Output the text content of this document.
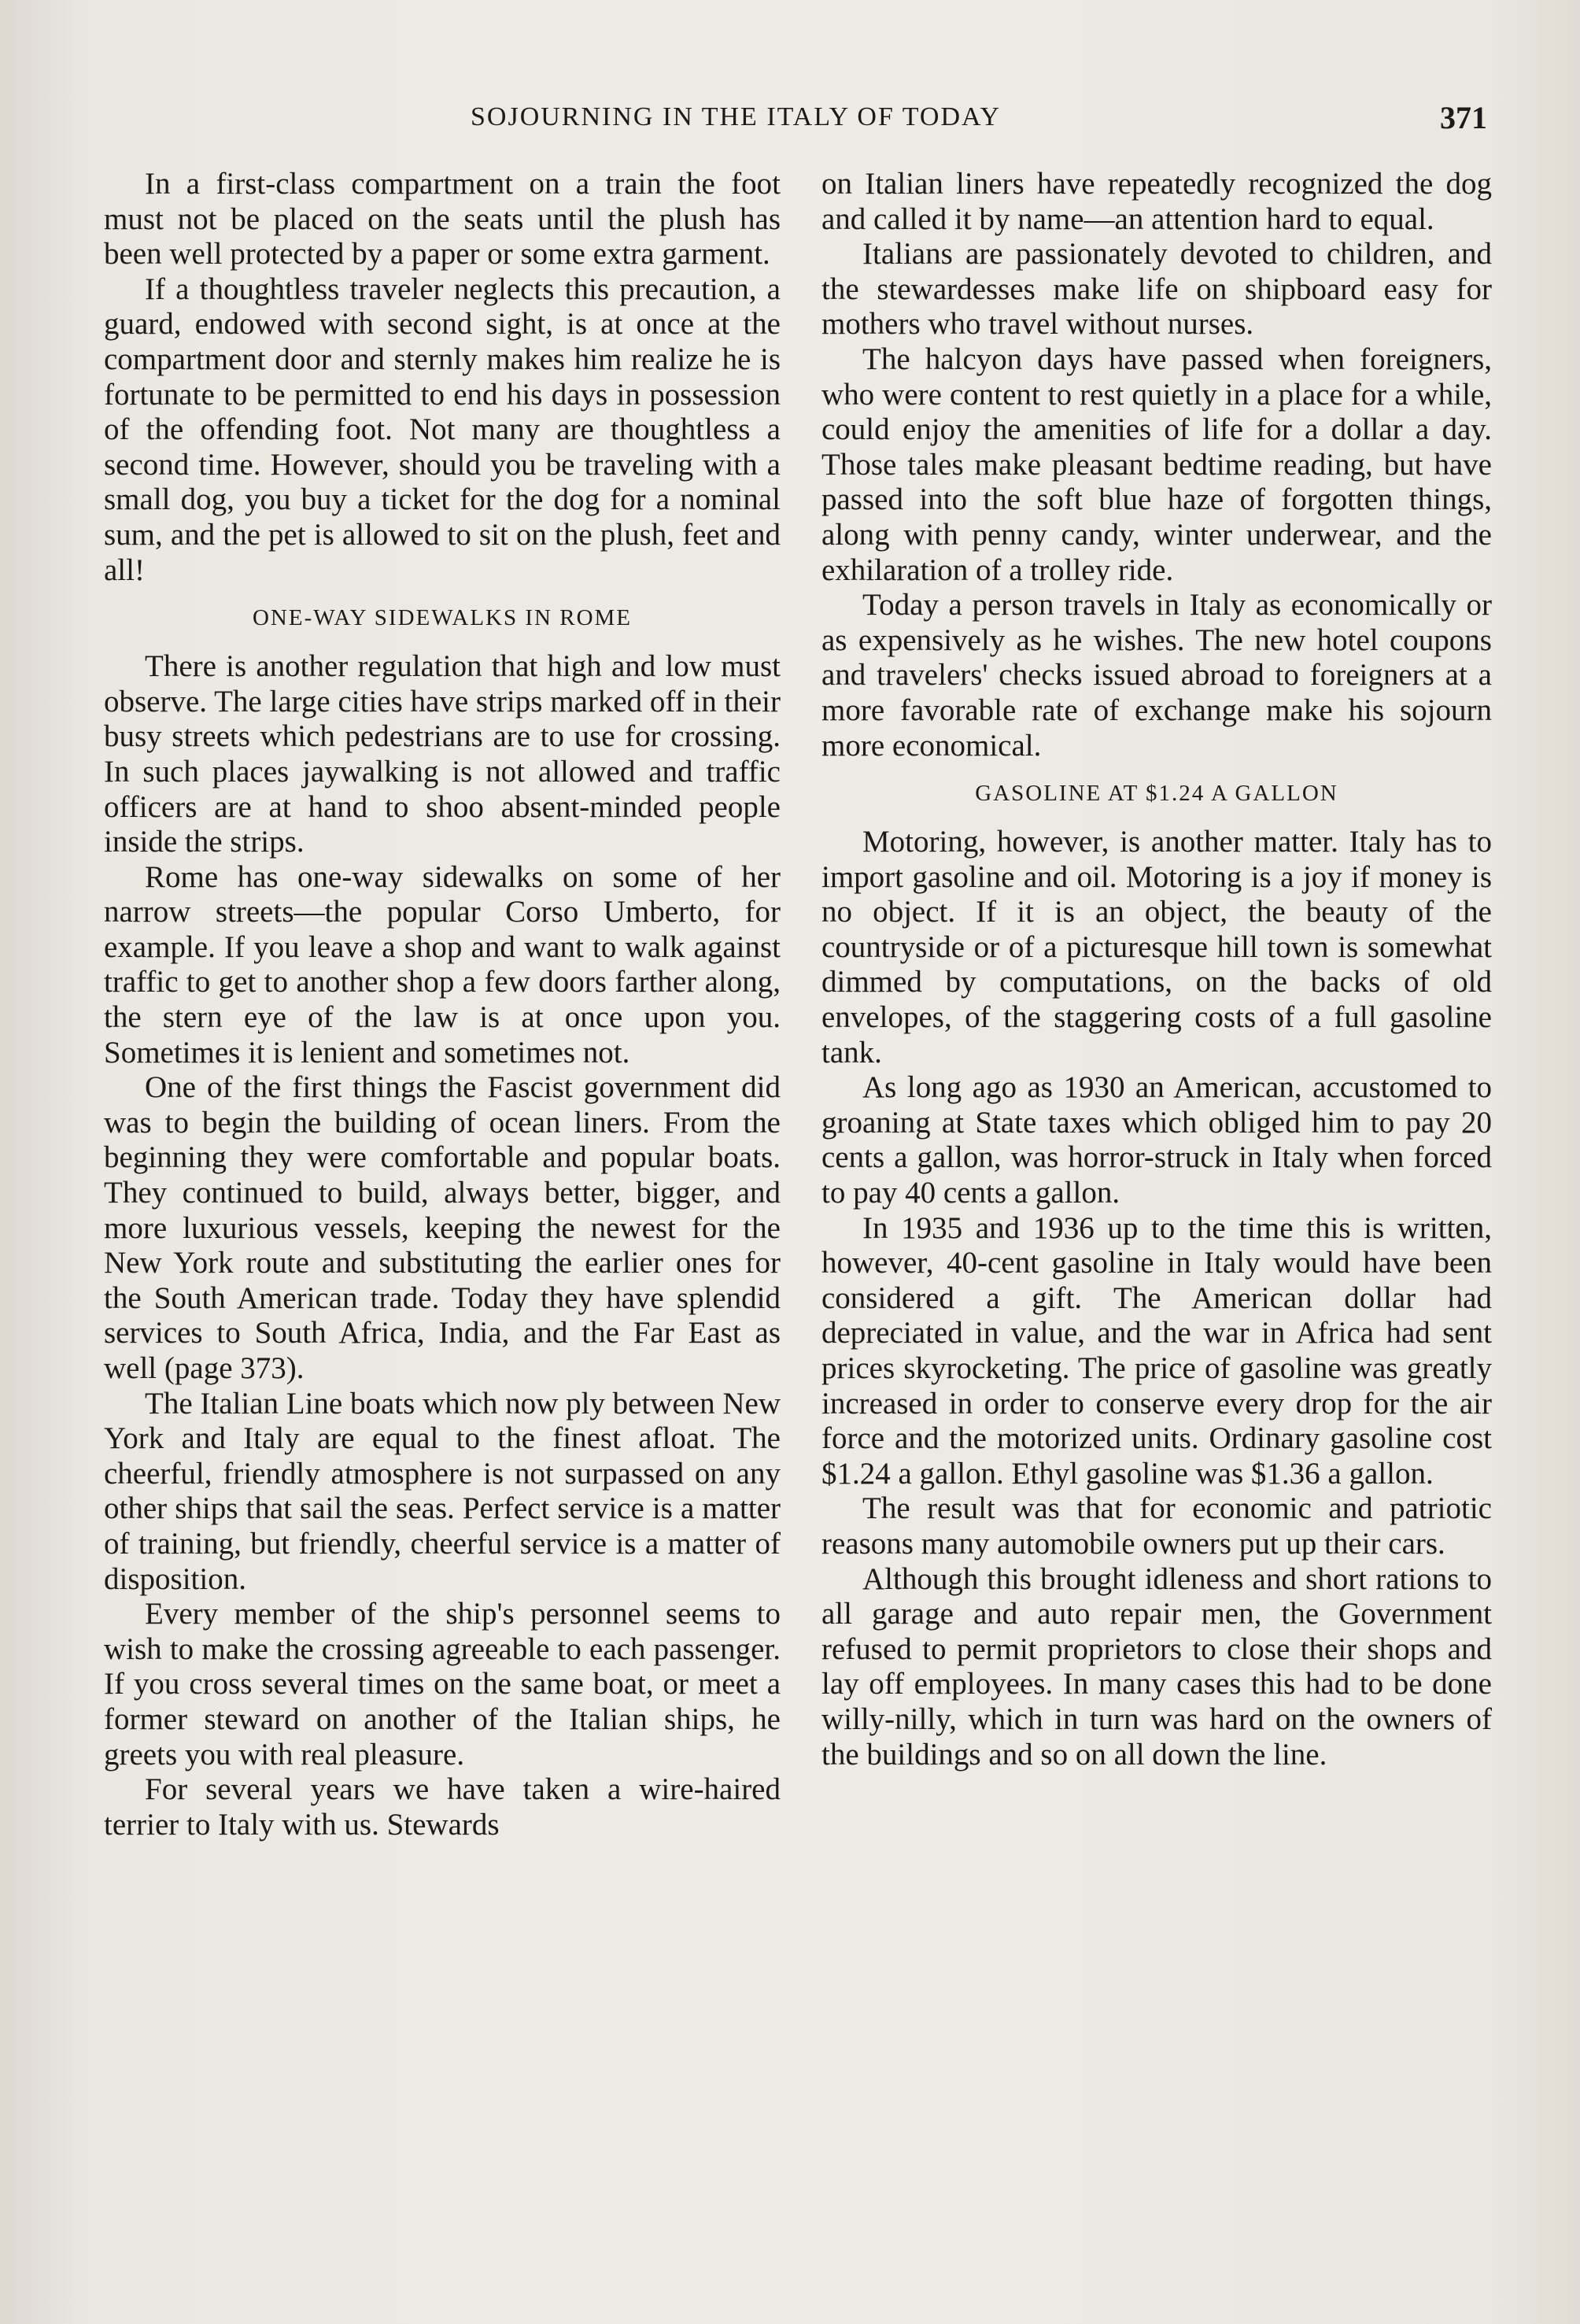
SOJOURNING IN THE ITALY OF TODAY	371

In a first-class compartment on a train the foot must not be placed on the seats until the plush has been well protected by a paper or some extra garment.

If a thoughtless traveler neglects this precaution, a guard, endowed with second sight, is at once at the compartment door and sternly makes him realize he is fortunate to be permitted to end his days in possession of the offending foot. Not many are thoughtless a second time. However, should you be traveling with a small dog, you buy a ticket for the dog for a nominal sum, and the pet is allowed to sit on the plush, feet and all!

ONE-WAY SIDEWALKS IN ROME

There is another regulation that high and low must observe. The large cities have strips marked off in their busy streets which pedestrians are to use for crossing. In such places jaywalking is not allowed and traffic officers are at hand to shoo absent-minded people inside the strips.

Rome has one-way sidewalks on some of her narrow streets—the popular Corso Umberto, for example. If you leave a shop and want to walk against traffic to get to another shop a few doors farther along, the stern eye of the law is at once upon you. Sometimes it is lenient and sometimes not.

One of the first things the Fascist government did was to begin the building of ocean liners. From the beginning they were comfortable and popular boats. They continued to build, always better, bigger, and more luxurious vessels, keeping the newest for the New York route and substituting the earlier ones for the South American trade. Today they have splendid services to South Africa, India, and the Far East as well (page 373).

The Italian Line boats which now ply between New York and Italy are equal to the finest afloat. The cheerful, friendly atmosphere is not surpassed on any other ships that sail the seas. Perfect service is a matter of training, but friendly, cheerful service is a matter of disposition.

Every member of the ship's personnel seems to wish to make the crossing agreeable to each passenger. If you cross several times on the same boat, or meet a former steward on another of the Italian ships, he greets you with real pleasure.

For several years we have taken a wire-haired terrier to Italy with us. Stewards

on Italian liners have repeatedly recognized the dog and called it by name—an attention hard to equal.

Italians are passionately devoted to children, and the stewardesses make life on shipboard easy for mothers who travel without nurses.

The halcyon days have passed when foreigners, who were content to rest quietly in a place for a while, could enjoy the amenities of life for a dollar a day. Those tales make pleasant bedtime reading, but have passed into the soft blue haze of forgotten things, along with penny candy, winter underwear, and the exhilaration of a trolley ride.

Today a person travels in Italy as economically or as expensively as he wishes. The new hotel coupons and travelers' checks issued abroad to foreigners at a more favorable rate of exchange make his sojourn more economical.

GASOLINE AT $1.24 A GALLON

Motoring, however, is another matter. Italy has to import gasoline and oil. Motoring is a joy if money is no object. If it is an object, the beauty of the countryside or of a picturesque hill town is somewhat dimmed by computations, on the backs of old envelopes, of the staggering costs of a full gasoline tank.

As long ago as 1930 an American, accustomed to groaning at State taxes which obliged him to pay 20 cents a gallon, was horror-struck in Italy when forced to pay 40 cents a gallon.

In 1935 and 1936 up to the time this is written, however, 40-cent gasoline in Italy would have been considered a gift. The American dollar had depreciated in value, and the war in Africa had sent prices skyrocketing. The price of gasoline was greatly increased in order to conserve every drop for the air force and the motorized units. Ordinary gasoline cost $1.24 a gallon. Ethyl gasoline was $1.36 a gallon.

The result was that for economic and patriotic reasons many automobile owners put up their cars.

Although this brought idleness and short rations to all garage and auto repair men, the Government refused to permit proprietors to close their shops and lay off employees. In many cases this had to be done willy-nilly, which in turn was hard on the owners of the buildings and so on all down the line.
